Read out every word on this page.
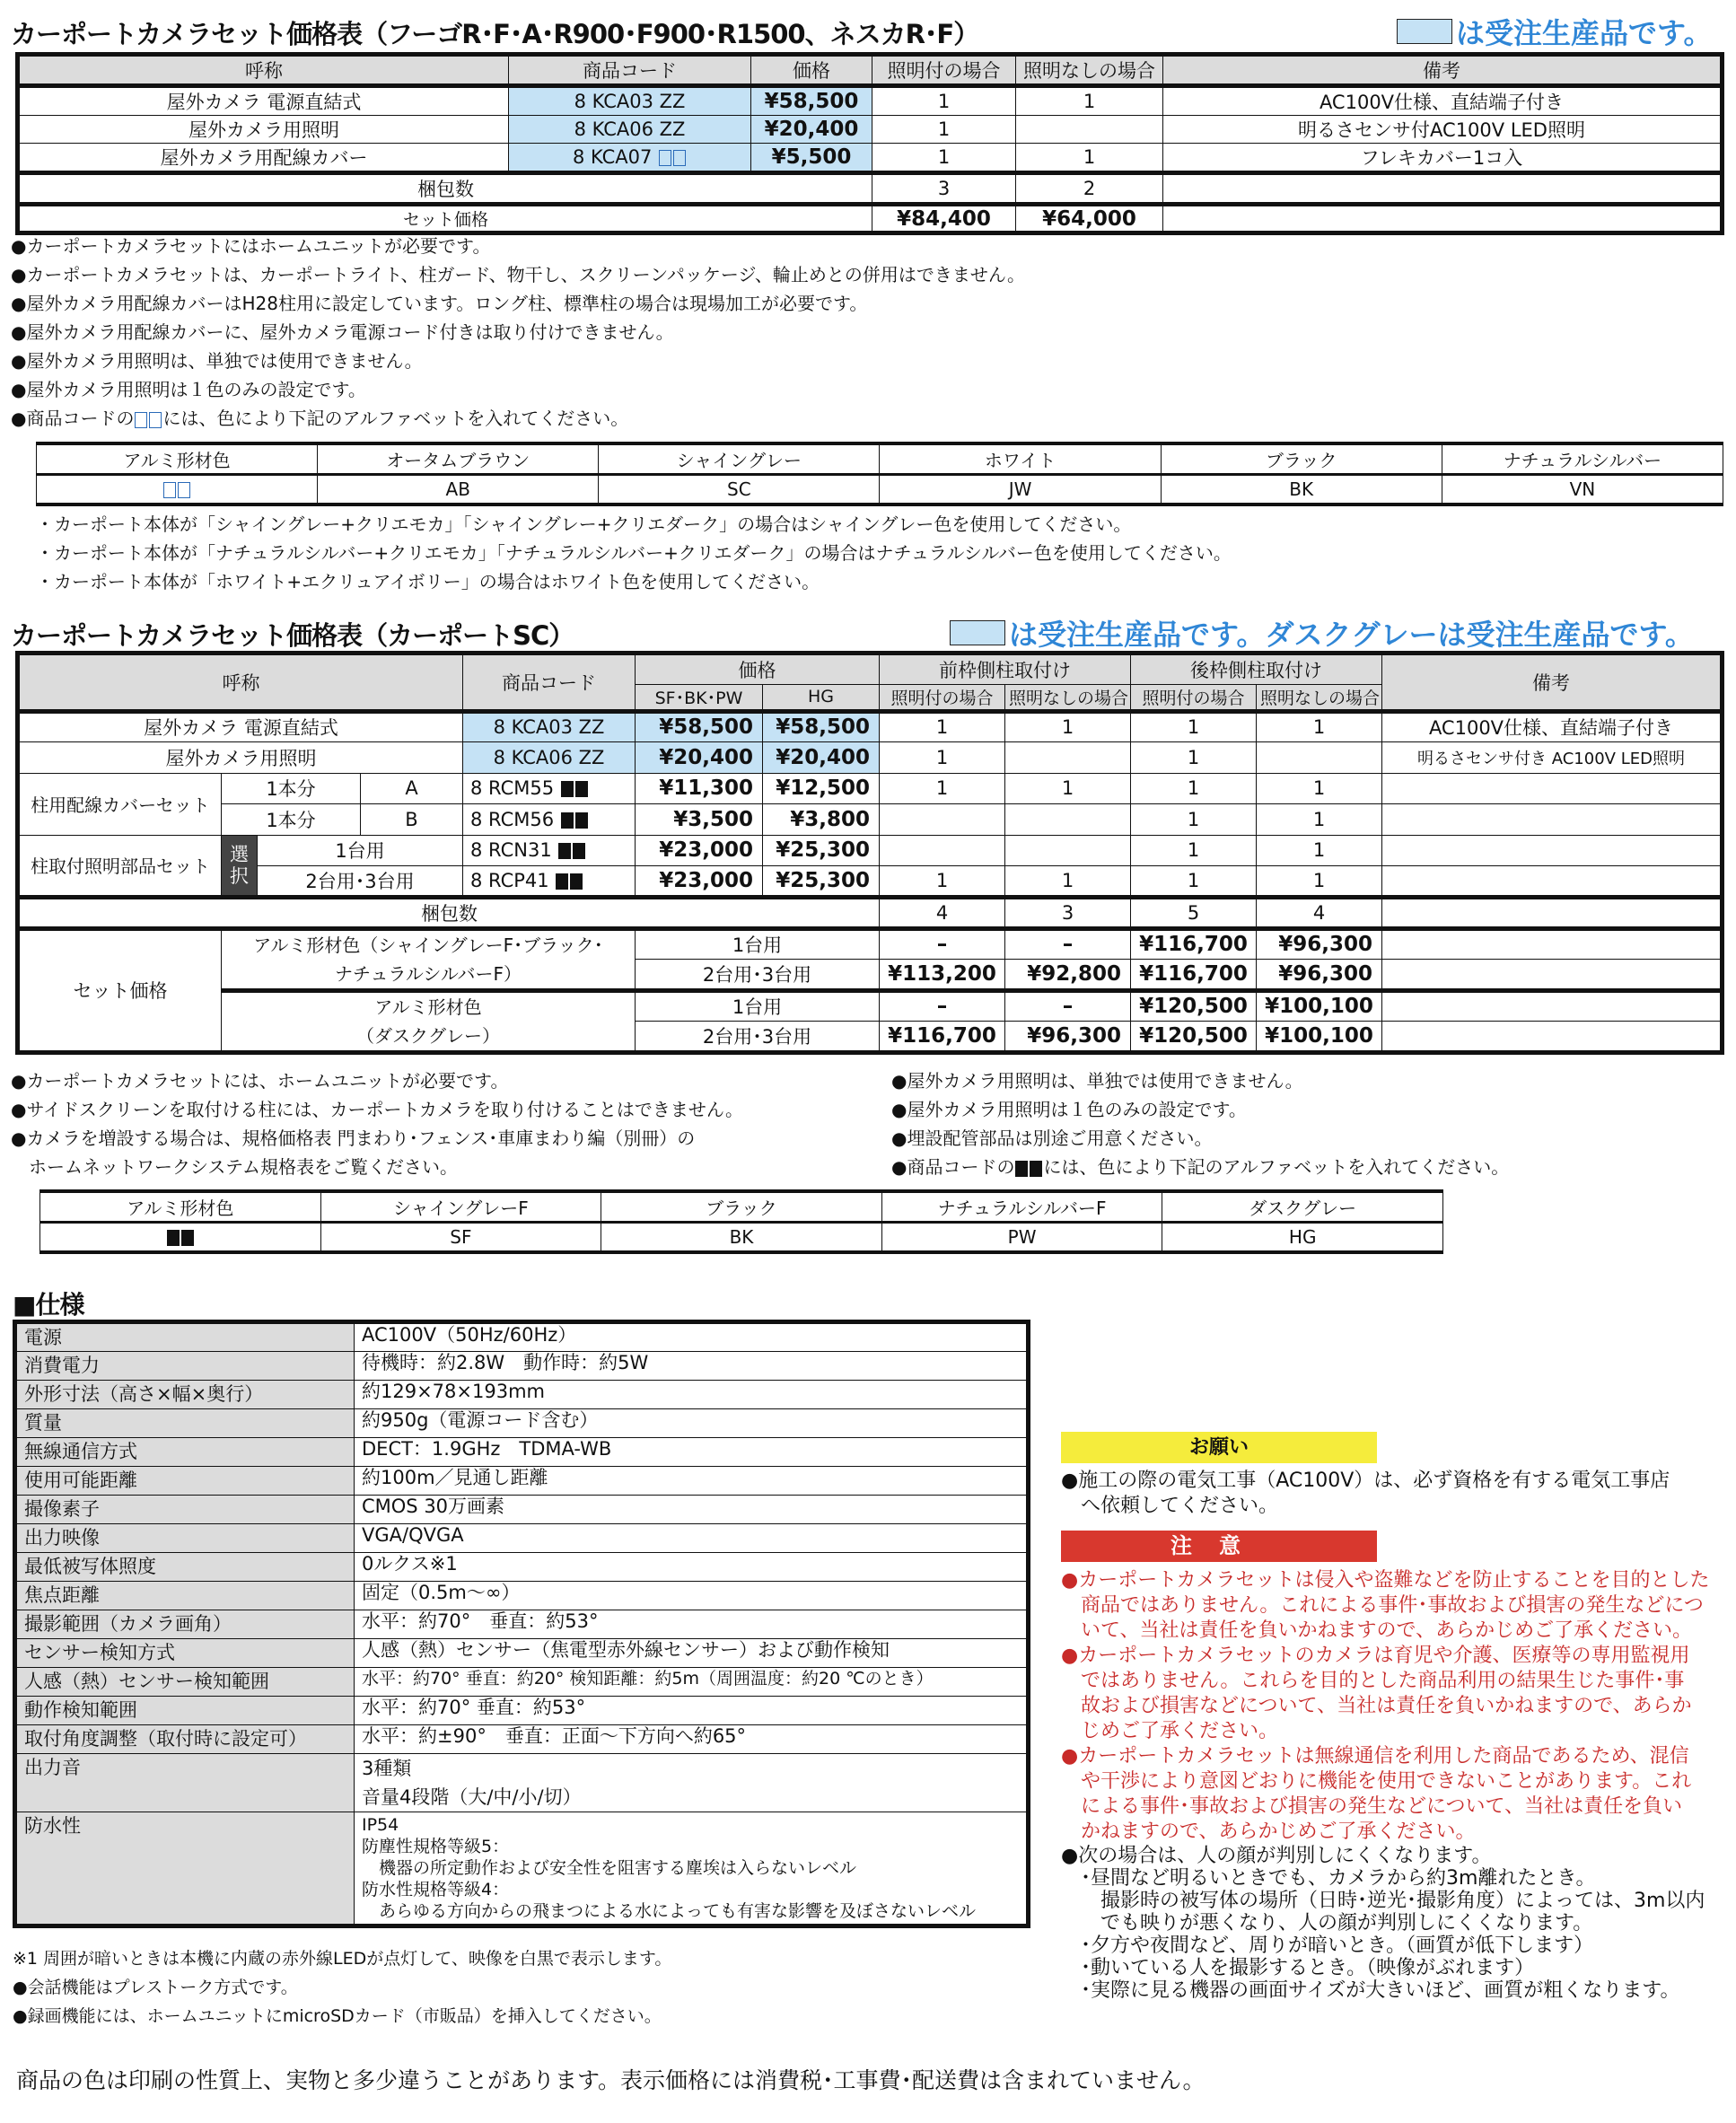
カーポートカメラセット価格表（フーゴR･F･A･R900･F900･R1500、ネスカR･F）	は受注生産品です。
呼称	商品コード	価格	照明付の場合	照明なしの場合	備考
屋外カメラ 電源直結式	8 KCA03 ZZ	¥58,500	1	1	AC100V仕様、直結端子付き
屋外カメラ用照明	8 KCA06 ZZ	¥20,400	1		明るさセンサ付AC100V LED照明
屋外カメラ用配線カバー	8 KCA07	¥5,500	1	1	フレキカバー1コ入
梱包数			3	2	
セット価格			¥84,400	¥64,000	
●カーポートカメラセットにはホームユニットが必要です。
●カーポートカメラセットは、カーポートライト、柱ガード、物干し、スクリーンパッケージ、輪止めとの併用はできません。
●屋外カメラ用配線カバーはH28柱用に設定しています。ロング柱、標準柱の場合は現場加工が必要です。
●屋外カメラ用配線カバーに、屋外カメラ電源コード付きは取り付けできません。
●屋外カメラ用照明は、単独では使用できません。
●屋外カメラ用照明は１色のみの設定です。
●商品コードの には、色により下記のアルファベットを入れてください。
アルミ形材色	オータムブラウン	シャイングレー	ホワイト	ブラック	ナチュラルシルバー
	AB	SC	JW	BK	VN
・カーポート本体が「シャイングレー+クリエモカ」「シャイングレー+クリエダーク」の場合はシャイングレー色を使用してください。
・カーポート本体が「ナチュラルシルバー+クリエモカ」「ナチュラルシルバー+クリエダーク」の場合はナチュラルシルバー色を使用してください。
・カーポート本体が「ホワイト+エクリュアイボリー」の場合はホワイト色を使用してください。
カーポートカメラセット価格表（カーポートSC）	は受注生産品です。ダスクグレーは受注生産品です。
呼称				商品コード	価格		前枠側柱取付け		後枠側柱取付け		備考
					SF･BK･PW	HG	照明付の場合	照明なしの場合	照明付の場合	照明なしの場合	
屋外カメラ 電源直結式				8 KCA03 ZZ	¥58,500	¥58,500	1	1	1	1	AC100V仕様、直結端子付き
屋外カメラ用照明				8 KCA06 ZZ	¥20,400	¥20,400	1		1		明るさセンサ付き AC100V LED照明
柱用配線カバーセット	1本分		A	8 RCM55	¥11,300	¥12,500	1	1	1	1	
	1本分		B	8 RCM56	¥3,500	¥3,800			1	1	
柱取付照明部品セット	選択	1台用		8 RCN31	¥23,000	¥25,300			1	1	
		2台用･3台用		8 RCP41	¥23,000	¥25,300	1	1	1	1	
梱包数							4	3	5	4	
セット価格	アルミ形材色（シャイングレーF･ブラック･
ナチュラルシルバーF）				1台用		–	–	¥116,700	¥96,300	
					2台用･3台用		¥113,200	¥92,800	¥116,700	¥96,300	

	アルミ形材色
（ダスクグレー）				1台用		–	–	¥120,500	¥100,100	
					2台用･3台用		¥116,700	¥96,300	¥120,500	¥100,100	
●カーポートカメラセットには、ホームユニットが必要です。
●サイドスクリーンを取付ける柱には、カーポートカメラを取り付けることはできません。
●カメラを増設する場合は、規格価格表 門まわり･フェンス･車庫まわり編（別冊）の
　ホームネットワークシステム規格表をご覧ください。
●屋外カメラ用照明は、単独では使用できません。
●屋外カメラ用照明は１色のみの設定です。
●埋設配管部品は別途ご用意ください。
●商品コードの には、色により下記のアルファベットを入れてください。
アルミ形材色	シャイングレーF	ブラック	ナチュラルシルバーF	ダスクグレー
	SF	BK	PW	HG
■仕様
電源	AC100V（50Hz/60Hz）
消費電力	待機時：約2.8W　動作時：約5W
外形寸法（高さ×幅×奥行）	約129×78×193mm
質量	約950g（電源コード含む）
無線通信方式	DECT：1.9GHz　TDMA-WB
使用可能距離	約100m／見通し距離
撮像素子	CMOS 30万画素
出力映像	VGA/QVGA
最低被写体照度	0ルクス※1
焦点距離	固定（0.5m～∞）
撮影範囲（カメラ画角）	水平：約70°　垂直：約53°
センサー検知方式	人感（熱）センサー（焦電型赤外線センサー）および動作検知
人感（熱）センサー検知範囲	水平：約70° 垂直：約20° 検知距離：約5m（周囲温度：約20 ℃のとき）
動作検知範囲	水平：約70° 垂直：約53°
取付角度調整（取付時に設定可）	水平：約±90°　垂直：正面～下方向へ約65°
出力音	3種類
音量4段階（大/中/小/切）

防水性	IP54
防塵性規格等級5：
　機器の所定動作および安全性を阻害する塵埃は入らないレベル
防水性規格等級4：
　あらゆる方向からの飛まつによる水によっても有害な影響を及ぼさないレベル
※1 周囲が暗いときは本機に内蔵の赤外線LEDが点灯して、映像を白黒で表示します。
●会話機能はプレストーク方式です。
●録画機能には、ホームユニットにmicroSDカード（市販品）を挿入してください。
お願い
●施工の際の電気工事（AC100V）は、必ず資格を有する電気工事店
　へ依頼してください。
注意
●カーポートカメラセットは侵入や盗難などを防止することを目的とした
　商品ではありません。これによる事件･事故および損害の発生などにつ
　いて、当社は責任を負いかねますので、あらかじめご了承ください。
●カーポートカメラセットのカメラは育児や介護、医療等の専用監視用
　ではありません。これらを目的とした商品利用の結果生じた事件･事
　故および損害などについて、当社は責任を負いかねますので、あらか
　じめご了承ください。
●カーポートカメラセットは無線通信を利用した商品であるため、混信
　や干渉により意図どおりに機能を使用できないことがあります。これ
　による事件･事故および損害の発生などについて、当社は責任を負い
　かねますので、あらかじめご了承ください。
●次の場合は、人の顔が判別しにくくなります。
　･昼間など明るいときでも、カメラから約3m離れたとき。
　　撮影時の被写体の場所（日時･逆光･撮影角度）によっては、3m以内
　　でも映りが悪くなり、人の顔が判別しにくくなります。
　･夕方や夜間など、周りが暗いとき。（画質が低下します）
　･動いている人を撮影するとき。（映像がぶれます）
　･実際に見る機器の画面サイズが大きいほど、画質が粗くなります。
商品の色は印刷の性質上、実物と多少違うことがあります。表示価格には消費税･工事費･配送費は含まれていません。
